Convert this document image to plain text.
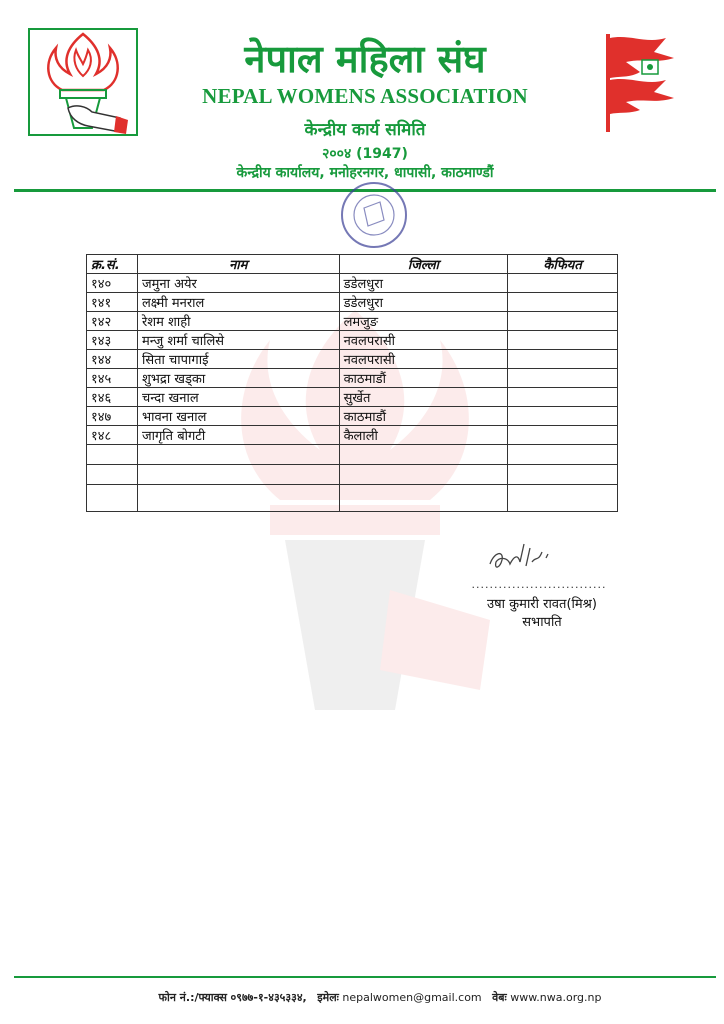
नेपाल महिला संघ
NEPAL WOMENS ASSOCIATION
केन्द्रीय कार्य समिति
२००४ (1947)
केन्द्रीय कार्यालय, मनोहरनगर, धापासी, काठमाण्डौं
क्र.सं.	नाम	जिल्ला	कैफियत
१४०	जमुना अयेर	डडेलधुरा	
१४१	लक्ष्मी मनराल	डडेलधुरा	
१४२	रेशम शाही	लमजुङ	
१४३	मन्जु शर्मा चालिसे	नवलपरासी	
१४४	सिता चापागाई	नवलपरासी	
१४५	शुभद्रा खड्का	काठमाडौं	
१४६	चन्दा खनाल	सुर्खेत	
१४७	भावना खनाल	काठमाडौं	
१४८	जागृति बोगटी	कैलाली	

..............................
उषा कुमारी रावत(मिश्र)
सभापति
फोन नं.:/फ्याक्स ०९७७-१-४३५३३४, इमेलः nepalwomen@gmail.com वेबः www.nwa.org.np
